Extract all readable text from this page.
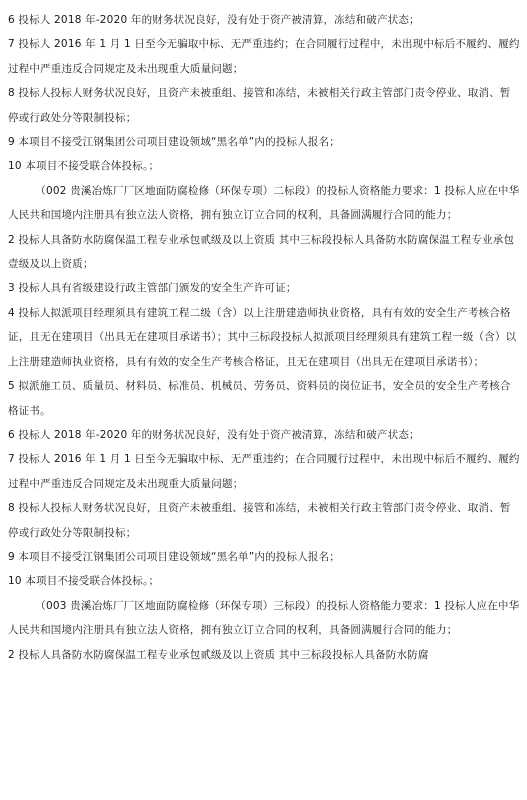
6 投标人 2018 年-2020 年的财务状况良好，没有处于资产被清算，冻结和破产状态；

7 投标人 2016 年 1 月 1 日至今无骗取中标、无严重违约；在合同履行过程中，未出现中标后不履约、履约过程中严重违反合同规定及未出现重大质量问题；

8 投标人投标人财务状况良好，且资产未被重组、接管和冻结，未被相关行政主管部门责令停业、取消、暂停或行政处分等限制投标；

9 本项目不接受江钢集团公司项目建设领域“黑名单”内的投标人报名；

10 本项目不接受联合体投标。；

（002 贵溪冶炼厂厂区地面防腐检修（环保专项）二标段）的投标人资格能力要求：1 投标人应在中华人民共和国境内注册具有独立法人资格，拥有独立订立合同的权利，具备圆满履行合同的能力；

2 投标人具备防水防腐保温工程专业承包贰级及以上资质 其中三标段投标人具备防水防腐保温工程专业承包壹级及以上资质；

3 投标人具有省级建设行政主管部门颁发的安全生产许可证；

4 投标人拟派项目经理须具有建筑工程二级（含）以上注册建造师执业资格，具有有效的安全生产考核合格证，且无在建项目（出具无在建项目承诺书）；其中三标段投标人拟派项目经理须具有建筑工程一级（含）以上注册建造师执业资格，具有有效的安全生产考核合格证，且无在建项目（出具无在建项目承诺书）；

5 拟派施工员、质量员、材料员、标准员、机械员、劳务员、资料员的岗位证书，安全员的安全生产考核合格证书。

6 投标人 2018 年-2020 年的财务状况良好，没有处于资产被清算，冻结和破产状态；

7 投标人 2016 年 1 月 1 日至今无骗取中标、无严重违约；在合同履行过程中，未出现中标后不履约、履约过程中严重违反合同规定及未出现重大质量问题；

8 投标人投标人财务状况良好，且资产未被重组、接管和冻结，未被相关行政主管部门责令停业、取消、暂停或行政处分等限制投标；

9 本项目不接受江钢集团公司项目建设领域“黑名单”内的投标人报名；

10 本项目不接受联合体投标。；

（003 贵溪冶炼厂厂区地面防腐检修（环保专项）三标段）的投标人资格能力要求：1 投标人应在中华人民共和国境内注册具有独立法人资格，拥有独立订立合同的权利，具备圆满履行合同的能力；

2 投标人具备防水防腐保温工程专业承包贰级及以上资质 其中三标段投标人具备防水防腐
